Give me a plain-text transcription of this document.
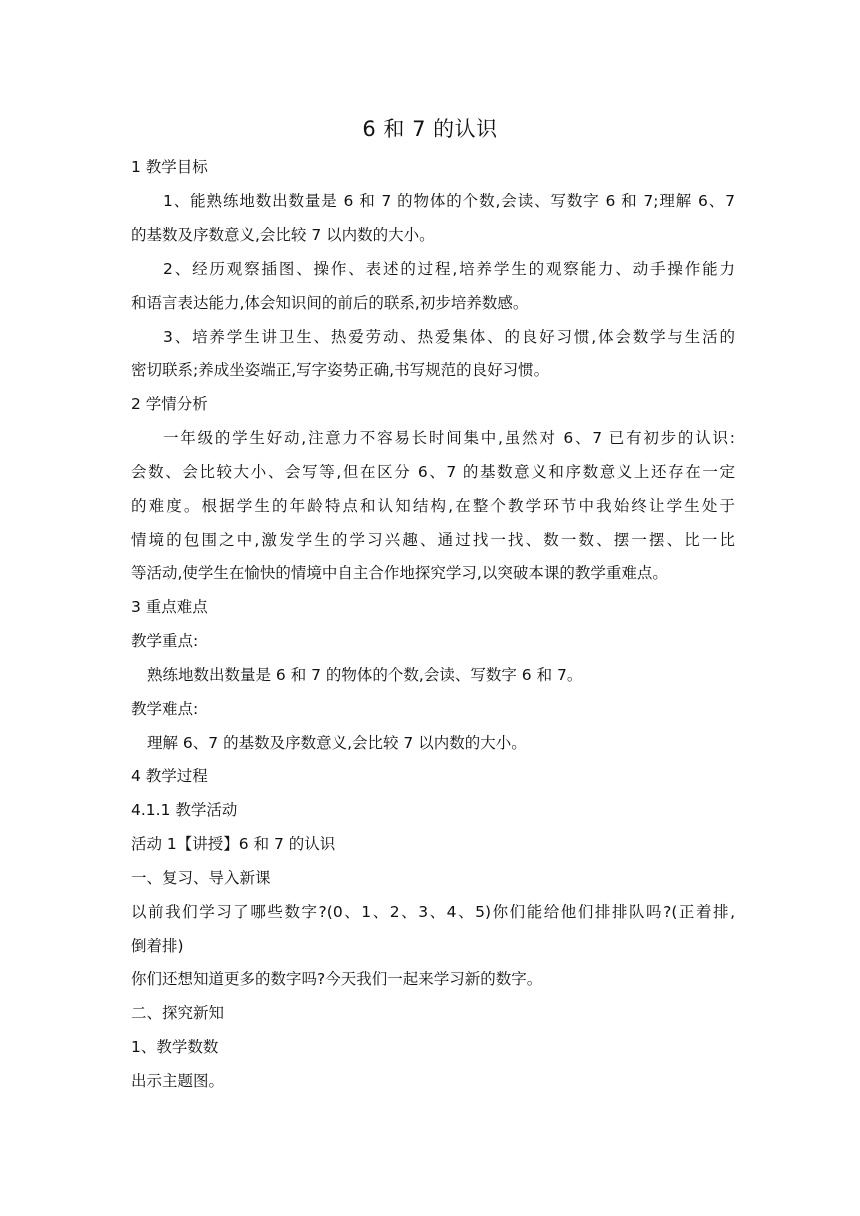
6 和 7 的认识
1 教学目标
1、能熟练地数出数量是 6 和 7 的物体的个数,会读、写数字 6 和 7;理解 6、7
的基数及序数意义,会比较 7 以内数的大小。
2、经历观察插图、操作、表述的过程,培养学生的观察能力、动手操作能力
和语言表达能力,体会知识间的前后的联系,初步培养数感。
3、培养学生讲卫生、热爱劳动、热爱集体、的良好习惯,体会数学与生活的
密切联系;养成坐姿端正,写字姿势正确,书写规范的良好习惯。
2 学情分析
一年级的学生好动,注意力不容易长时间集中,虽然对 6、7 已有初步的认识:
会数、会比较大小、会写等,但在区分 6、7 的基数意义和序数意义上还存在一定
的难度。根据学生的年龄特点和认知结构,在整个教学环节中我始终让学生处于
情境的包围之中,激发学生的学习兴趣、通过找一找、数一数、摆一摆、比一比
等活动,使学生在愉快的情境中自主合作地探究学习,以突破本课的教学重难点。
3 重点难点
教学重点:
熟练地数出数量是 6 和 7 的物体的个数,会读、写数字 6 和 7。
教学难点:
理解 6、7 的基数及序数意义,会比较 7 以内数的大小。
4 教学过程
4.1.1 教学活动
活动 1【讲授】6 和 7 的认识
一、复习、导入新课
以前我们学习了哪些数字?(0、1、2、3、4、5)你们能给他们排排队吗?(正着排,
倒着排)
你们还想知道更多的数字吗?今天我们一起来学习新的数字。
二、探究新知
1、教学数数
出示主题图。
